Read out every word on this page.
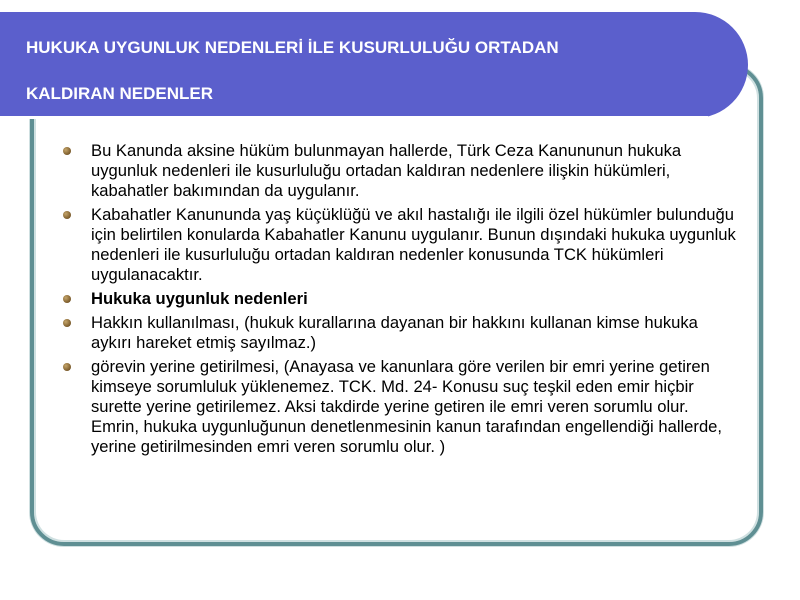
HUKUKA UYGUNLUK NEDENLERİ İLE KUSURLULUĞU ORTADAN
KALDIRAN NEDENLER
Bu Kanunda aksine hüküm bulunmayan hallerde, Türk Ceza Kanununun hukuka uygunluk nedenleri ile kusurluluğu ortadan kaldıran nedenlere ilişkin hükümleri, kabahatler bakımından da uygulanır.
Kabahatler Kanununda yaş küçüklüğü ve akıl hastalığı ile ilgili özel hükümler bulunduğu için belirtilen konularda Kabahatler Kanunu uygulanır. Bunun dışındaki hukuka uygunluk nedenleri ile kusurluluğu ortadan kaldıran nedenler konusunda TCK hükümleri uygulanacaktır.
Hukuka uygunluk nedenleri
Hakkın kullanılması, (hukuk kurallarına dayanan bir hakkını kullanan kimse hukuka aykırı hareket etmiş sayılmaz.)
görevin yerine getirilmesi, (Anayasa ve kanunlara göre verilen bir emri yerine getiren kimseye sorumluluk yüklenemez. TCK. Md. 24- Konusu suç teşkil eden emir hiçbir surette yerine getirilemez. Aksi takdirde yerine getiren ile emri veren sorumlu olur. Emrin, hukuka uygunluğunun denetlenmesinin kanun tarafından engellendiği hallerde, yerine getirilmesinden emri veren sorumlu olur. )
